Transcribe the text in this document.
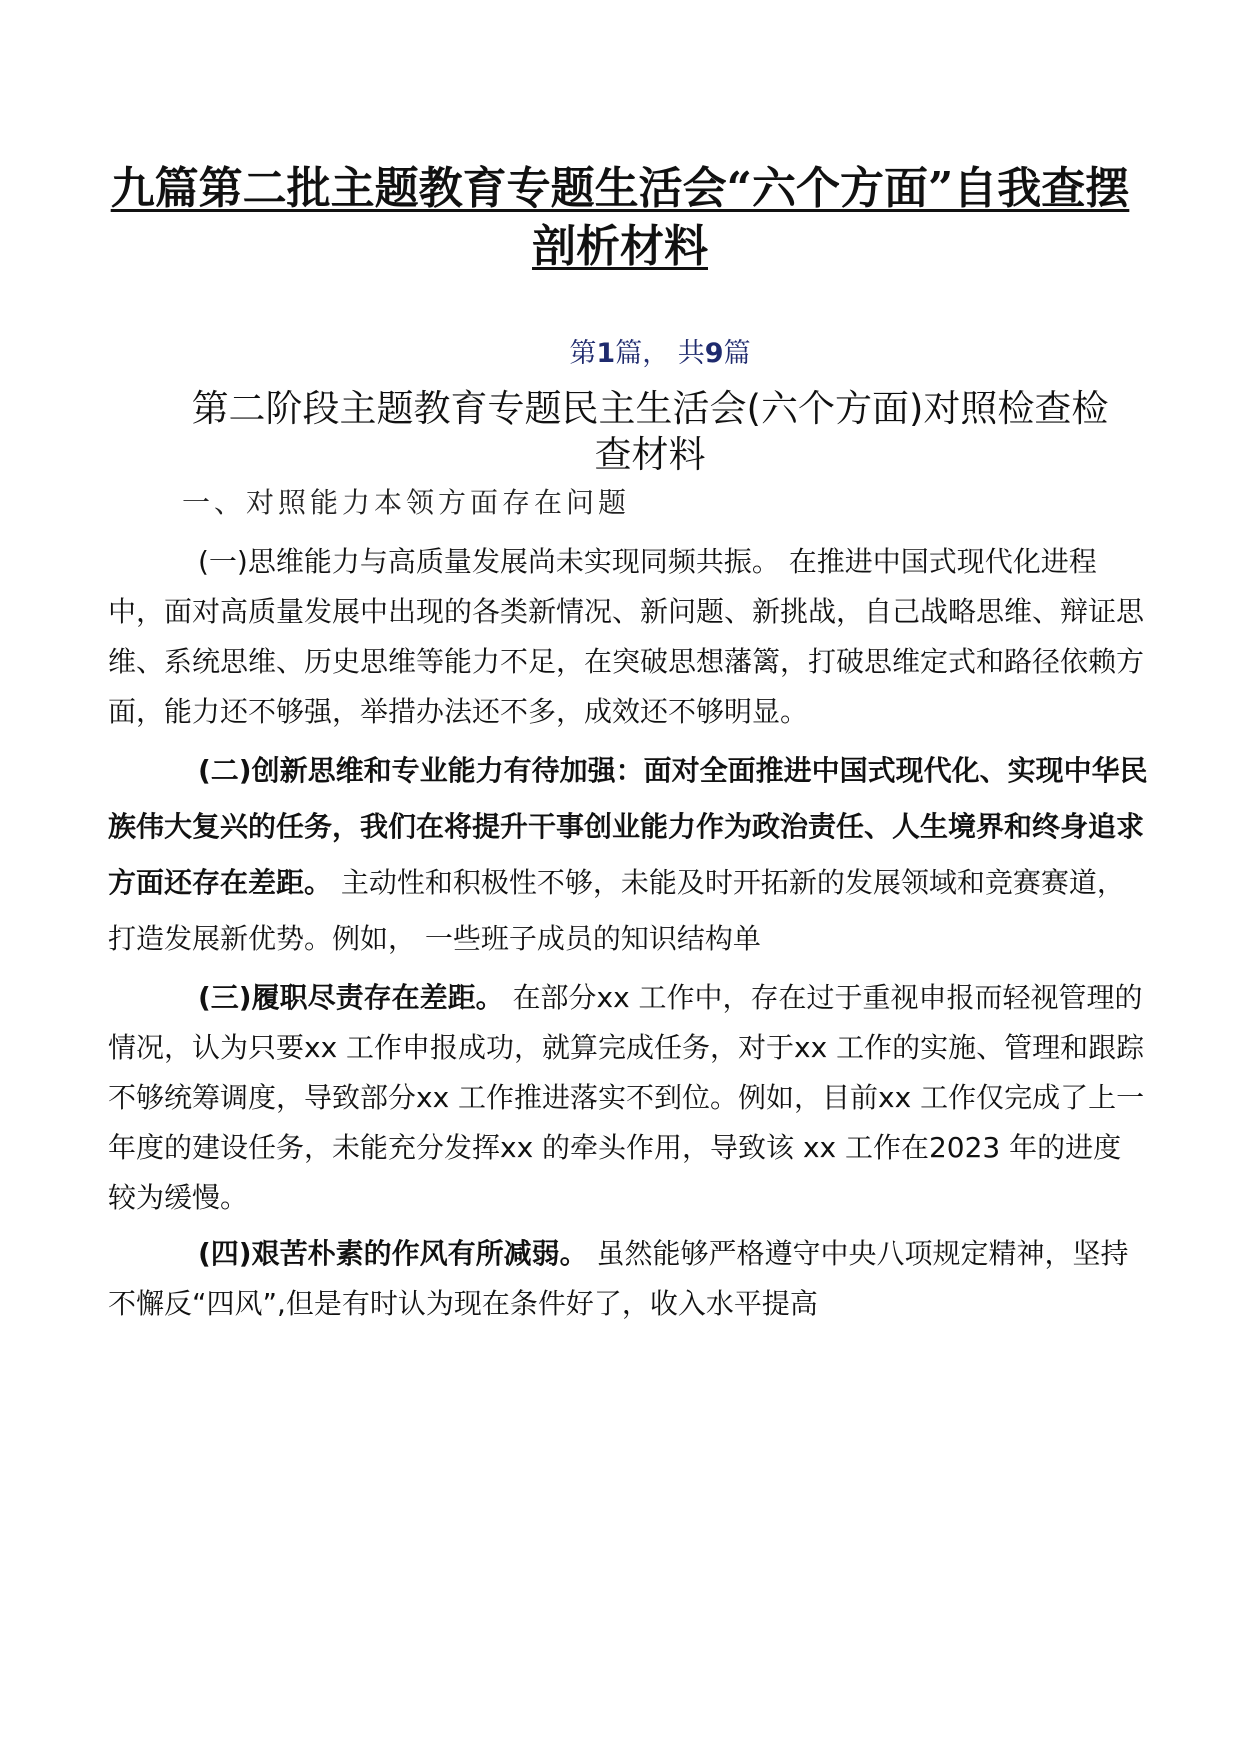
九篇第二批主题教育专题生活会“六个方面”自我查摆剖析材料
第1篇， 共9篇
第二阶段主题教育专题民主生活会(六个方面)对照检查检查材料

一、对照能力本领方面存在问题

(一)思维能力与高质量发展尚未实现同频共振。 在推进中国式现代化进程中，面对高质量发展中出现的各类新情况、新问题、新挑战，自己战略思维、辩证思维、系统思维、历史思维等能力不足，在突破思想藩篱，打破思维定式和路径依赖方面，能力还不够强，举措办法还不多，成效还不够明显。

(二)创新思维和专业能力有待加强：面对全面推进中国式现代化、实现中华民族伟大复兴的任务，我们在将提升干事创业能力作为政治责任、人生境界和终身追求方面还存在差距。 主动性和积极性不够，未能及时开拓新的发展领域和竞赛赛道，打造发展新优势。例如， 一些班子成员的知识结构单

(三)履职尽责存在差距。 在部分xx 工作中，存在过于重视申报而轻视管理的情况，认为只要xx 工作申报成功，就算完成任务，对于xx 工作的实施、管理和跟踪不够统筹调度，导致部分xx 工作推进落实不到位。例如，目前xx 工作仅完成了上一年度的建设任务，未能充分发挥xx 的牵头作用，导致该 xx 工作在2023 年的进度较为缓慢。

(四)艰苦朴素的作风有所减弱。 虽然能够严格遵守中央八项规定精神，坚持不懈反“四风”,但是有时认为现在条件好了，收入水平提高
